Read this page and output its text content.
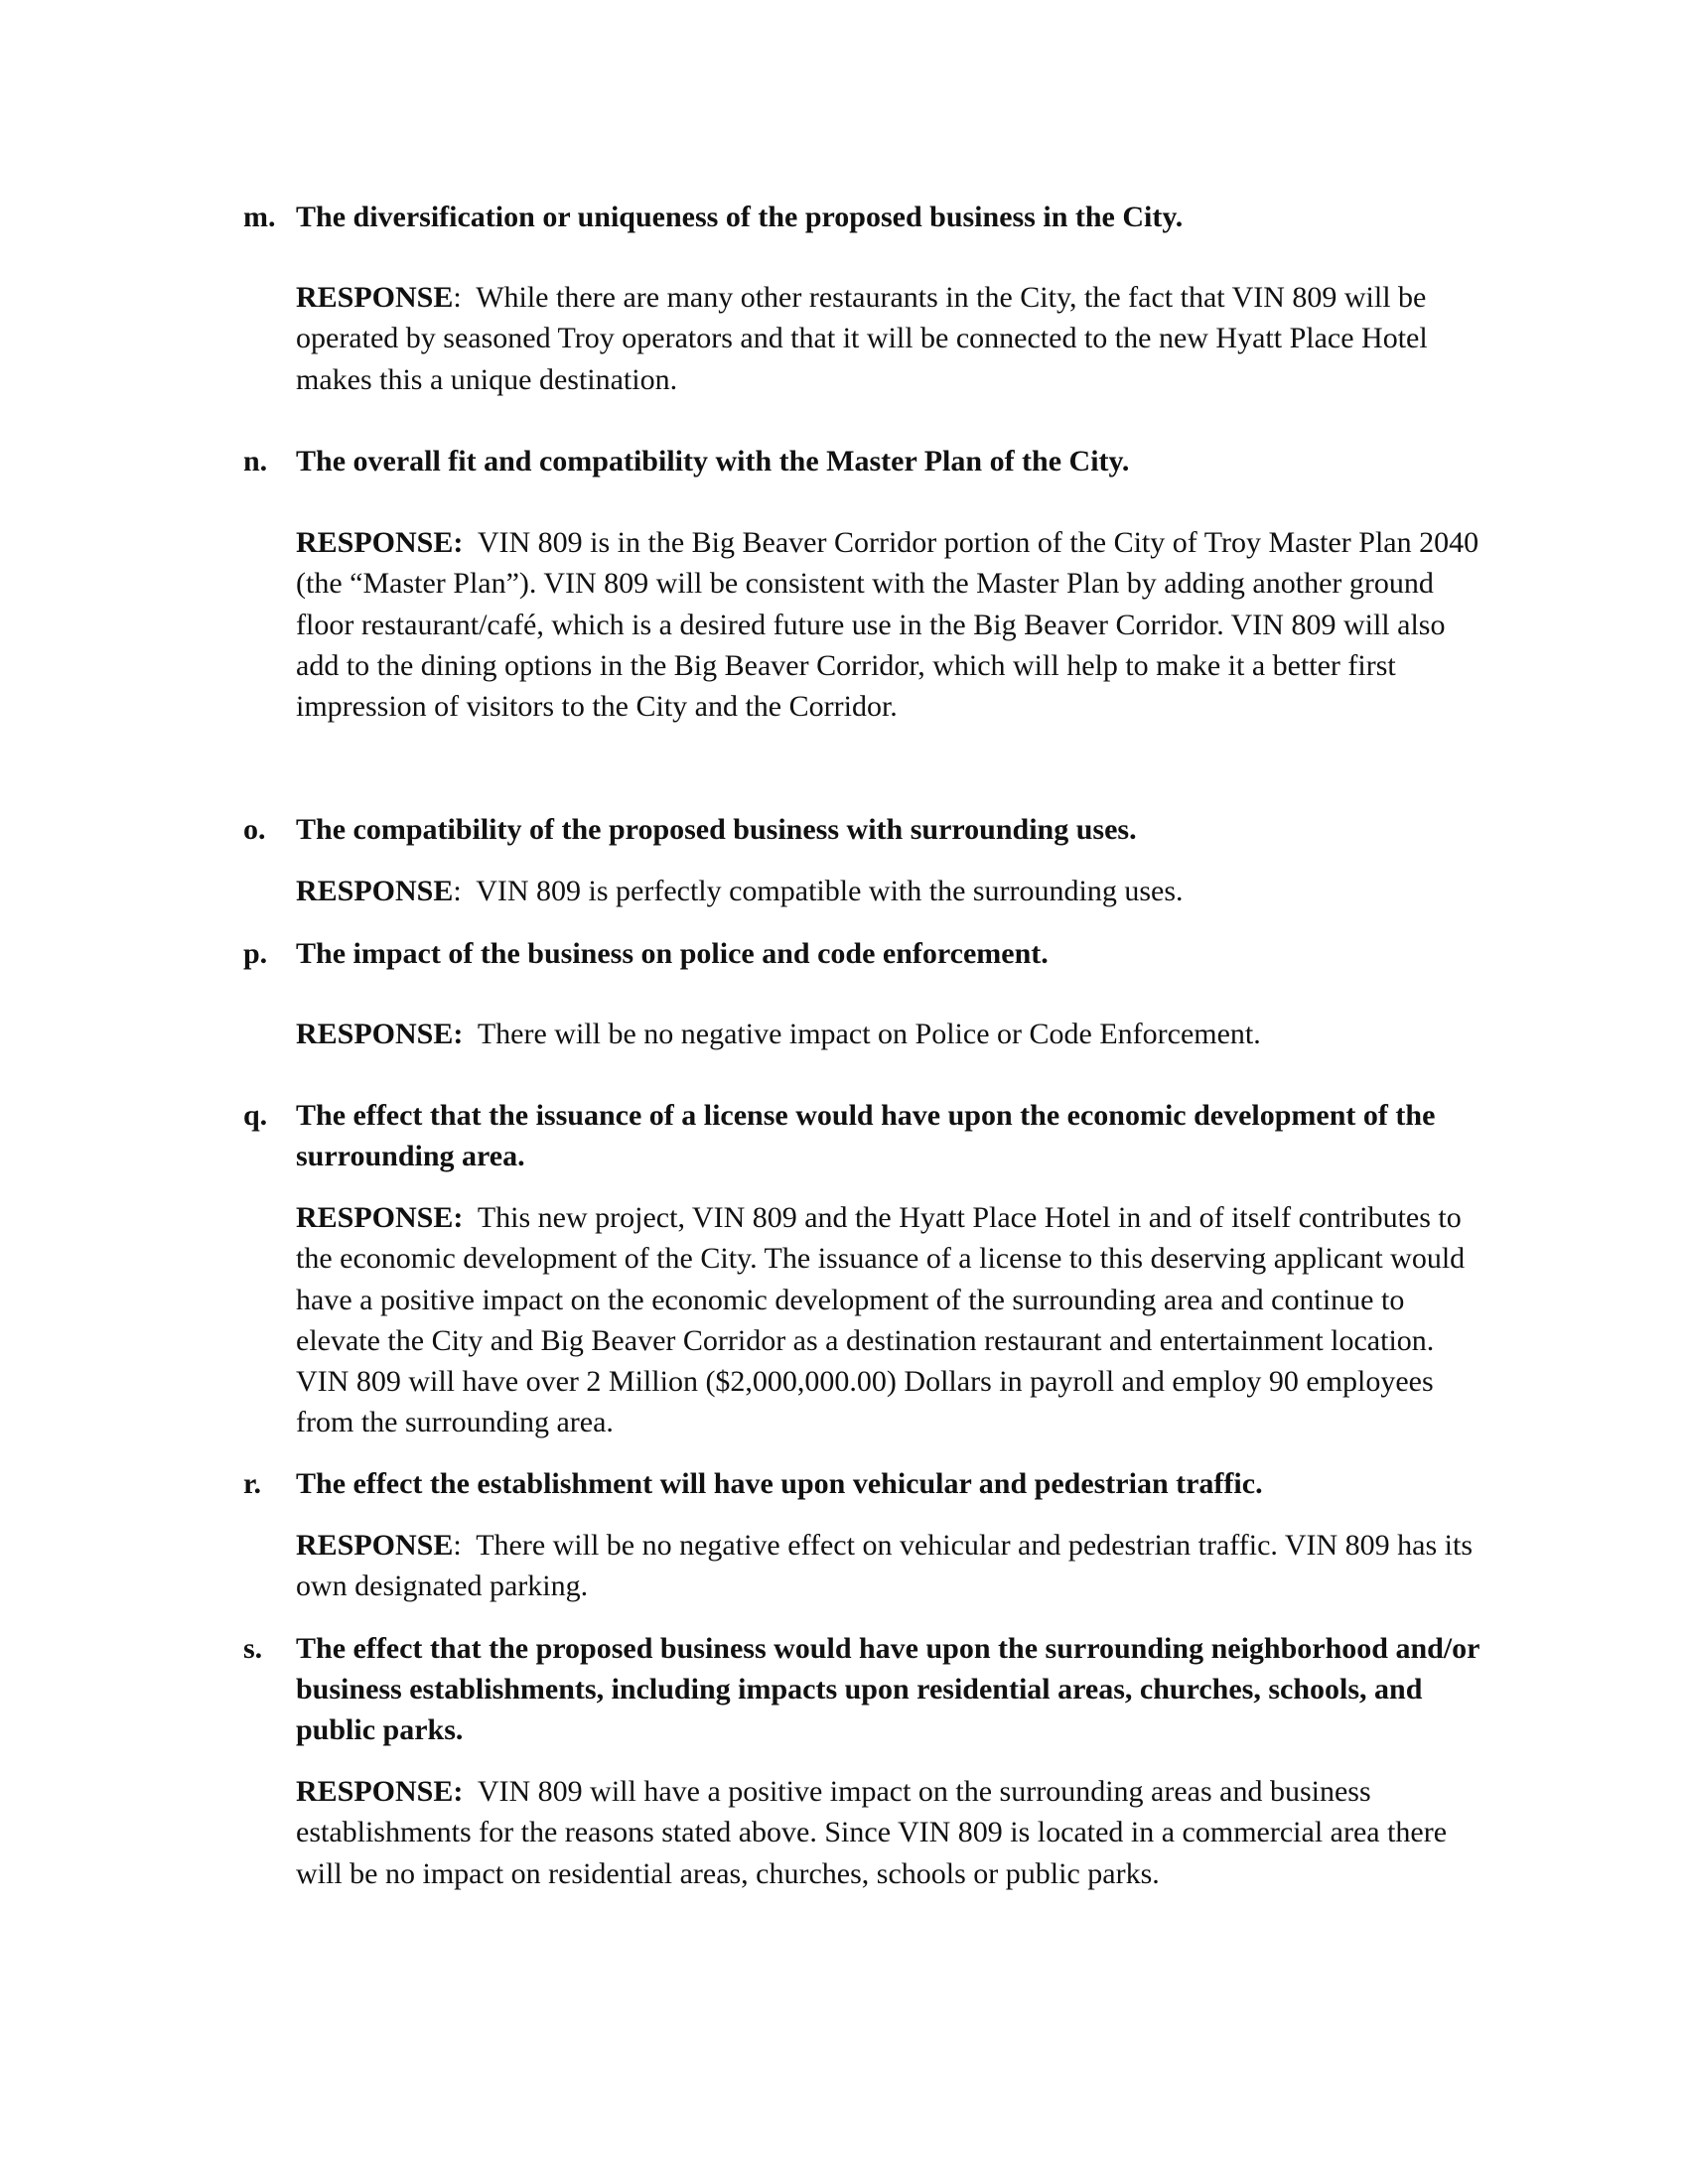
m. The diversification or uniqueness of the proposed business in the City.
RESPONSE:  While there are many other restaurants in the City, the fact that VIN 809 will be operated by seasoned Troy operators and that it will be connected to the new Hyatt Place Hotel makes this a unique destination.
n. The overall fit and compatibility with the Master Plan of the City.
RESPONSE: VIN 809 is in the Big Beaver Corridor portion of the City of Troy Master Plan 2040 (the “Master Plan”). VIN 809 will be consistent with the Master Plan by adding another ground floor restaurant/café, which is a desired future use in the Big Beaver Corridor. VIN 809 will also add to the dining options in the Big Beaver Corridor, which will help to make it a better first impression of visitors to the City and the Corridor.
o. The compatibility of the proposed business with surrounding uses.
RESPONSE:  VIN 809 is perfectly compatible with the surrounding uses.
p. The impact of the business on police and code enforcement.
RESPONSE: There will be no negative impact on Police or Code Enforcement.
q. The effect that the issuance of a license would have upon the economic development of the surrounding area.
RESPONSE: This new project, VIN 809 and the Hyatt Place Hotel in and of itself contributes to the economic development of the City. The issuance of a license to this deserving applicant would have a positive impact on the economic development of the surrounding area and continue to elevate the City and Big Beaver Corridor as a destination restaurant and entertainment location. VIN 809 will have over 2 Million ($2,000,000.00) Dollars in payroll and employ 90 employees from the surrounding area.
r. The effect the establishment will have upon vehicular and pedestrian traffic.
RESPONSE:  There will be no negative effect on vehicular and pedestrian traffic. VIN 809 has its own designated parking.
s. The effect that the proposed business would have upon the surrounding neighborhood and/or business establishments, including impacts upon residential areas, churches, schools, and public parks.
RESPONSE: VIN 809 will have a positive impact on the surrounding areas and business establishments for the reasons stated above. Since VIN 809 is located in a commercial area there will be no impact on residential areas, churches, schools or public parks.
